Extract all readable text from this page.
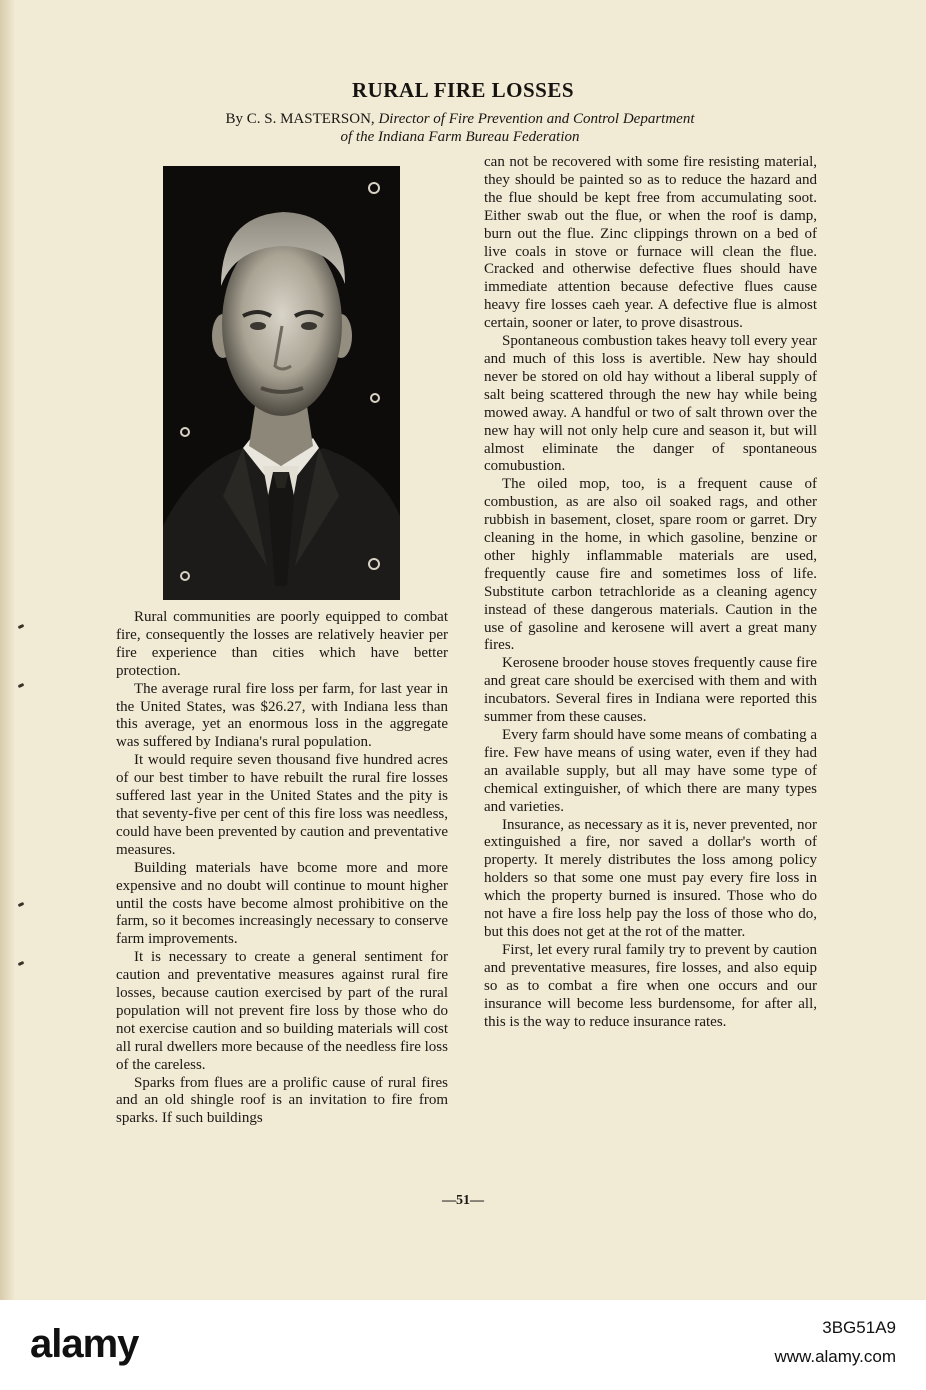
RURAL FIRE LOSSES
By C. S. MASTERSON, Director of Fire Prevention and Control Department
of the Indiana Farm Bureau Federation

Rural communities are poorly equipped to combat fire, consequently the losses are relatively heavier per fire experience than cities which have better protection.

The average rural fire loss per farm, for last year in the United States, was $26.27, with Indiana less than this average, yet an enormous loss in the aggregate was suffered by Indiana's rural population.

It would require seven thousand five hundred acres of our best timber to have rebuilt the rural fire losses suffered last year in the United States and the pity is that seventy-five per cent of this fire loss was needless, could have been prevented by caution and preventative measures.

Building materials have bcome more and more expensive and no doubt will continue to mount higher until the costs have become almost prohibitive on the farm, so it becomes increasingly necessary to conserve farm improvements.

It is necessary to create a general sentiment for caution and preventative measures against rural fire losses, because caution exercised by part of the rural population will not prevent fire loss by those who do not exercise caution and so building materials will cost all rural dwellers more because of the needless fire loss of the careless.

Sparks from flues are a prolific cause of rural fires and an old shingle roof is an invitation to fire from sparks. If such buildings

can not be recovered with some fire resisting material, they should be painted so as to reduce the hazard and the flue should be kept free from accumulating soot. Either swab out the flue, or when the roof is damp, burn out the flue. Zinc clippings thrown on a bed of live coals in stove or furnace will clean the flue. Cracked and otherwise defective flues should have immediate attention because defective flues cause heavy fire losses caeh year. A defective flue is almost certain, sooner or later, to prove disastrous.

Spontaneous combustion takes heavy toll every year and much of this loss is avertible. New hay should never be stored on old hay without a liberal supply of salt being scattered through the new hay while being mowed away. A handful or two of salt thrown over the new hay will not only help cure and season it, but will almost eliminate the danger of spontaneous comubustion.

The oiled mop, too, is a frequent cause of combustion, as are also oil soaked rags, and other rubbish in basement, closet, spare room or garret. Dry cleaning in the home, in which gasoline, benzine or other highly inflammable materials are used, frequently cause fire and sometimes loss of life. Substitute carbon tetrachloride as a cleaning agency instead of these dangerous materials. Caution in the use of gasoline and kerosene will avert a great many fires.

Kerosene brooder house stoves frequently cause fire and great care should be exercised with them and with incubators. Several fires in Indiana were reported this summer from these causes.

Every farm should have some means of combating a fire. Few have means of using water, even if they had an available supply, but all may have some type of chemical extinguisher, of which there are many types and varieties.

Insurance, as necessary as it is, never prevented, nor extinguished a fire, nor saved a dollar's worth of property. It merely distributes the loss among policy holders so that some one must pay every fire loss in which the property burned is insured. Those who do not have a fire loss help pay the loss of those who do, but this does not get at the rot of the matter.

First, let every rural family try to prevent by caution and preventative measures, fire losses, and also equip so as to combat a fire when one occurs and our insurance will become less burdensome, for after all, this is the way to reduce insurance rates.

—51—
alamy	3BG51A9
www.alamy.com
